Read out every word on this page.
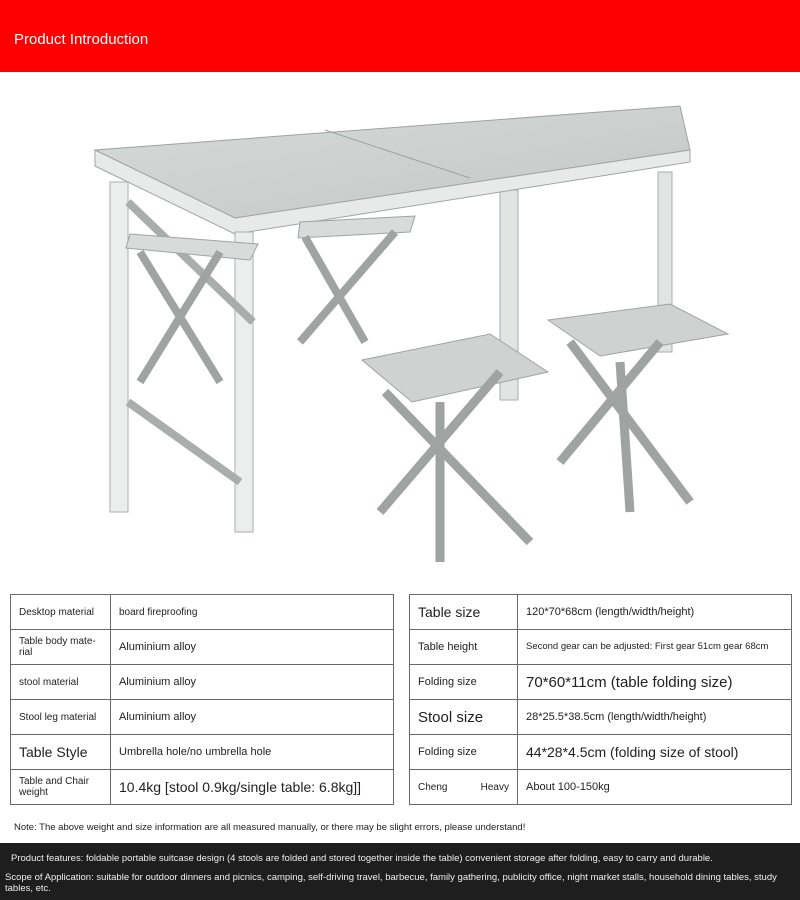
Product Introduction
Desktop material	board fireproofing
Table body mate-rial	Aluminium alloy
stool material	Aluminium alloy
Stool leg material	Aluminium alloy
Table Style	Umbrella hole/no umbrella hole
Table and Chair weight	10.4kg [stool 0.9kg/single table: 6.8kg]]
Table size	120*70*68cm (length/width/height)
Table height	Second gear can be adjusted: First gear 51cm gear 68cm
Folding size	70*60*11cm (table folding size)
Stool size	28*25.5*38.5cm (length/width/height)
Folding size	44*28*4.5cm (folding size of stool)

Cheng Heavy	About 100-150kg
Note: The above weight and size information are all measured manually, or there may be slight errors, please understand!
Product features: foldable portable suitcase design (4 stools are folded and stored together inside the table) convenient storage after folding, easy to carry and durable.
Scope of Application: suitable for outdoor dinners and picnics, camping, self-driving travel, barbecue, family gathering, publicity office, night market stalls, household dining tables, study tables, etc.
